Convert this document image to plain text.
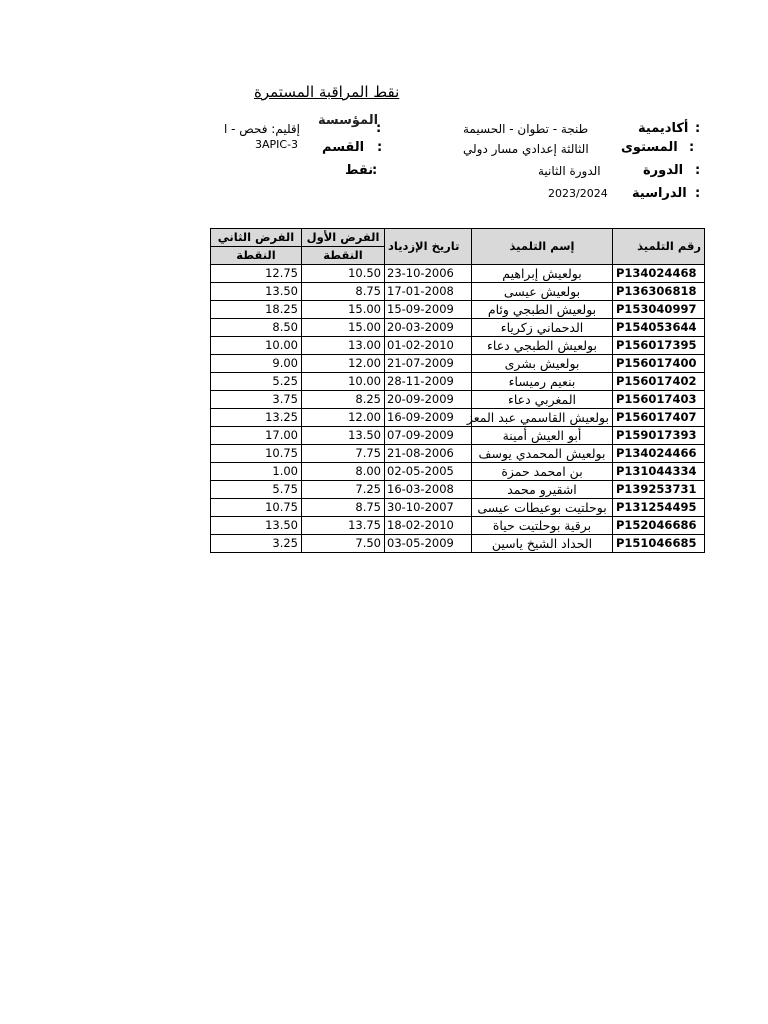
نقط المراقبة المستمرة
أكاديمية :
طنجة - تطوان - الحسيمة
:
المؤسسة
إقليم: فحص - ا
المستوى :
الثالثة إعدادي مسار دولي
القسم :
3APIC-3
الدورة :
الدورة الثانية
نقط
:
الدراسية :
2023/2024
الفرض الثاني	الفرض الأول	تاريخ الإزدياد	إسم التلميذ	رقم التلميذ
النقطة	النقطة			
12.75	10.50	23-10-2006	بولعيش إبراهيم	P134024468
13.50	8.75	17-01-2008	بولعيش عيسى	P136306818
18.25	15.00	15-09-2009	بولعيش الطبجي وئام	P153040997
8.50	15.00	20-03-2009	الدحماني زكرياء	P154053644
10.00	13.00	01-02-2010	بولعيش الطبجي دعاء	P156017395
9.00	12.00	21-07-2009	بولعيش بشرى	P156017400
5.25	10.00	28-11-2009	بنعيم رميساء	P156017402
3.75	8.25	20-09-2009	المغربي دعاء	P156017403
13.25	12.00	16-09-2009	بولعيش القاسمي عبد المعز	P156017407
17.00	13.50	07-09-2009	أبو العيش أمينة	P159017393
10.75	7.75	21-08-2006	بولعيش المحمدي يوسف	P134024466
1.00	8.00	02-05-2005	بن امحمد حمزة	P131044334
5.75	7.25	16-03-2008	اشقيرو محمد	P139253731
10.75	8.75	30-10-2007	بوحلتيت بوعيطات عيسى	P131254495
13.50	13.75	18-02-2010	برقية بوحلتيت حياة	P152046686
3.25	7.50	03-05-2009	الحداد الشيخ ياسين	P151046685
